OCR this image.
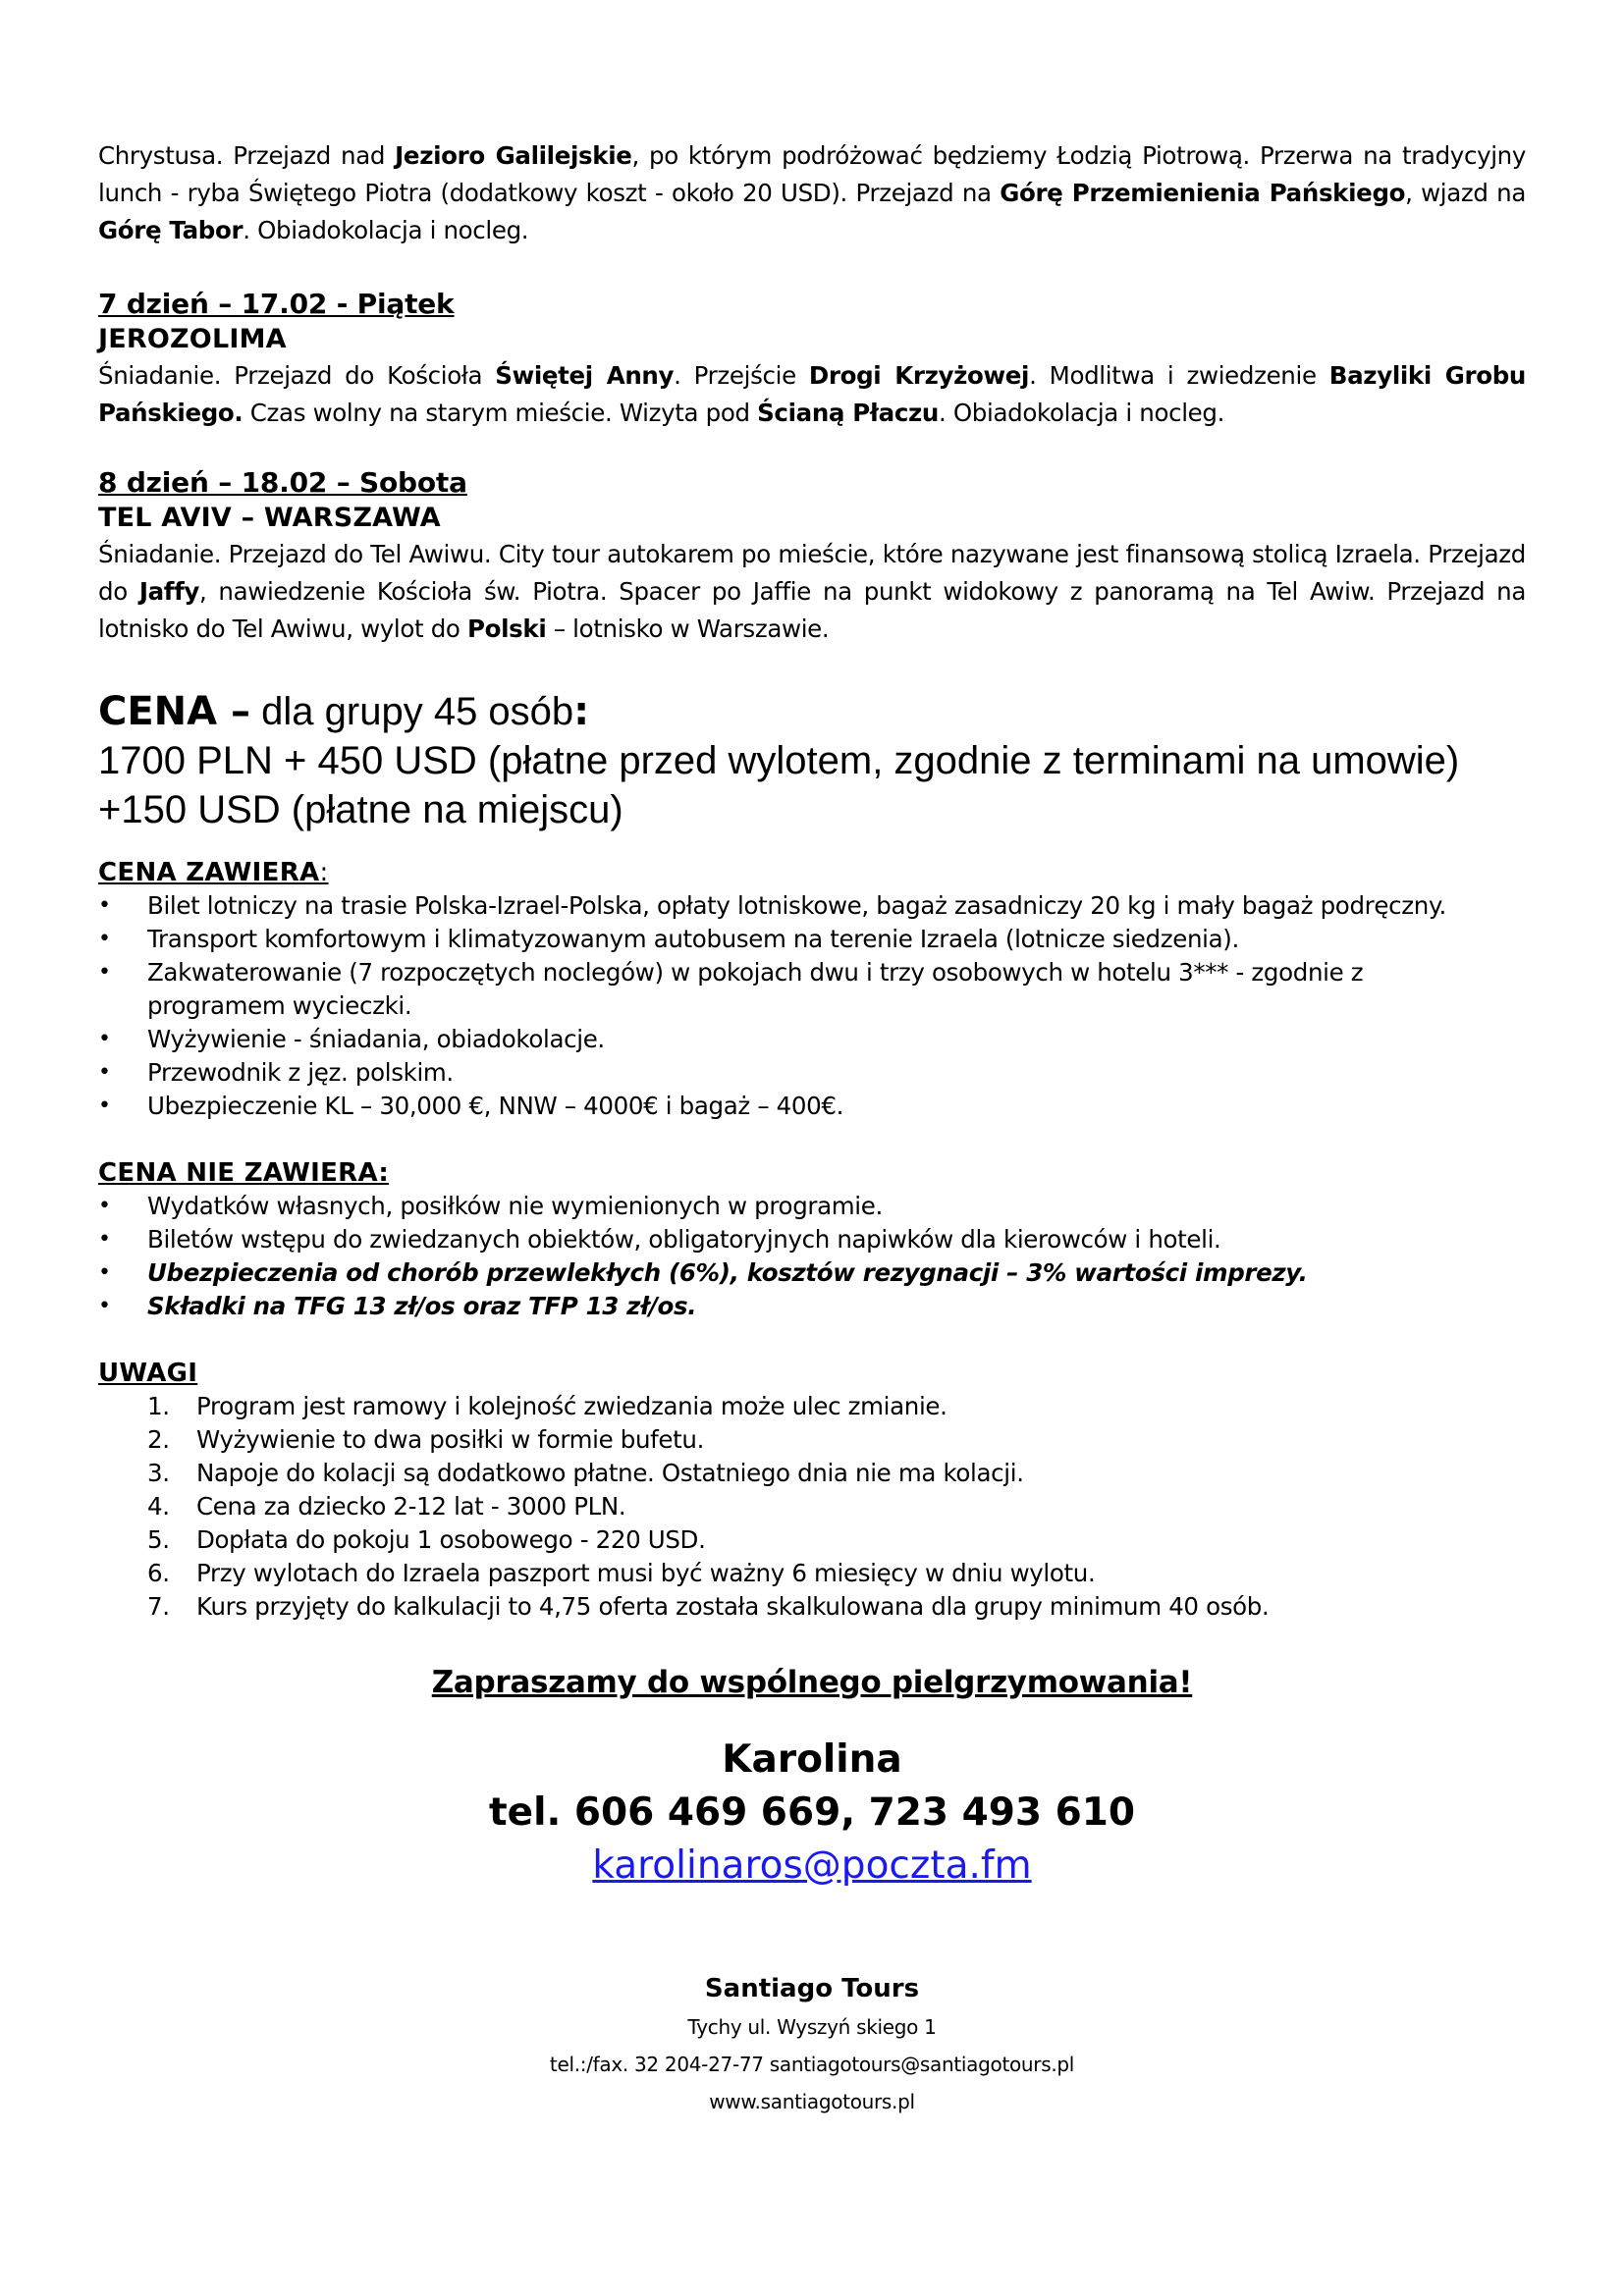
Chrystusa. Przejazd nad Jezioro Galilejskie, po którym podróżować będziemy Łodzią Piotrową. Przerwa na tradycyjny lunch - ryba Świętego Piotra (dodatkowy koszt - około 20 USD). Przejazd na Górę Przemienienia Pańskiego, wjazd na Górę Tabor. Obiadokolacja i nocleg.

7 dzień – 17.02 - Piątek

JEROZOLIMA

Śniadanie. Przejazd do Kościoła Świętej Anny. Przejście Drogi Krzyżowej. Modlitwa i zwiedzenie Bazyliki Grobu Pańskiego. Czas wolny na starym mieście. Wizyta pod Ścianą Płaczu. Obiadokolacja i nocleg.

8 dzień – 18.02 – Sobota

TEL AVIV – WARSZAWA

Śniadanie. Przejazd do Tel Awiwu. City tour autokarem po mieście, które nazywane jest finansową stolicą Izraela. Przejazd do Jaffy, nawiedzenie Kościoła św. Piotra. Spacer po Jaffie na punkt widokowy z panoramą na Tel Awiw. Przejazd na lotnisko do Tel Awiwu, wylot do Polski – lotnisko w Warszawie.

CENA – dla grupy 45 osób:

1700 PLN + 450 USD (płatne przed wylotem, zgodnie z terminami na umowie)

+150 USD (płatne na miejscu)

CENA ZAWIERA:

• Bilet lotniczy na trasie Polska-Izrael-Polska, opłaty lotniskowe, bagaż zasadniczy 20 kg i mały bagaż podręczny.
• Transport komfortowym i klimatyzowanym autobusem na terenie Izraela (lotnicze siedzenia).
• Zakwaterowanie (7 rozpoczętych noclegów) w pokojach dwu i trzy osobowych w hotelu 3*** - zgodnie z programem wycieczki.
• Wyżywienie - śniadania, obiadokolacje.
• Przewodnik z jęz. polskim.
• Ubezpieczenie KL – 30,000 €, NNW – 4000€ i bagaż – 400€.

CENA NIE ZAWIERA:

• Wydatków własnych, posiłków nie wymienionych w programie.
• Biletów wstępu do zwiedzanych obiektów, obligatoryjnych napiwków dla kierowców i hoteli.
• Ubezpieczenia od chorób przewlekłych (6%), kosztów rezygnacji – 3% wartości imprezy.
• Składki na TFG 13 zł/os oraz TFP 13 zł/os.

UWAGI

1. Program jest ramowy i kolejność zwiedzania może ulec zmianie.
2. Wyżywienie to dwa posiłki w formie bufetu.
3. Napoje do kolacji są dodatkowo płatne. Ostatniego dnia nie ma kolacji.
4. Cena za dziecko 2-12 lat - 3000 PLN.
5. Dopłata do pokoju 1 osobowego - 220 USD.
6. Przy wylotach do Izraela paszport musi być ważny 6 miesięcy w dniu wylotu.
7. Kurs przyjęty do kalkulacji to 4,75 oferta została skalkulowana dla grupy minimum 40 osób.

Zapraszamy do wspólnego pielgrzymowania!

Karolina

tel. 606 469 669, 723 493 610

karolinaros@poczta.fm

Santiago Tours

Tychy ul. Wyszyń skiego 1

tel.:/fax. 32 204-27-77 santiagotours@santiagotours.pl

www.santiagotours.pl
